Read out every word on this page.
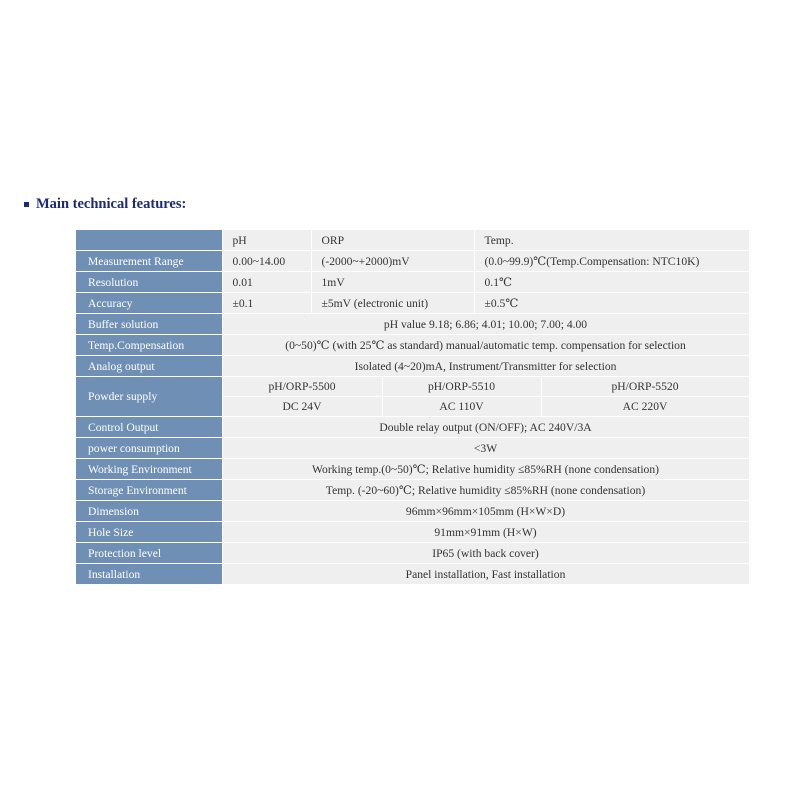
Main technical features:
	pH	ORP		Temp.	
Measurement Range	0.00~14.00	(-2000~+2000)mV		(0.0~99.9)℃(Temp.Compensation: NTC10K)	
Resolution	0.01	1mV		0.1℃	
Accuracy	±0.1	±5mV (electronic unit)		±0.5℃	
Buffer solution	pH value 9.18; 6.86; 4.01; 10.00; 7.00; 4.00				
Temp.Compensation	(0~50)℃ (with 25℃ as standard) manual/automatic temp. compensation for selection				
Analog output	Isolated (4~20)mA, Instrument/Transmitter for selection				
Powder supply	pH/ORP-5500		pH/ORP-5510		pH/ORP-5520
	DC 24V		AC 110V		AC 220V
Control Output	Double relay output (ON/OFF); AC 240V/3A				
power consumption	<3W				
Working Environment	Working temp.(0~50)℃; Relative humidity ≤85%RH (none condensation)				
Storage Environment	Temp. (-20~60)℃; Relative humidity ≤85%RH (none condensation)				
Dimension	96mm×96mm×105mm (H×W×D)				
Hole Size	91mm×91mm (H×W)				
Protection level	IP65 (with back cover)				
Installation	Panel installation, Fast installation				
